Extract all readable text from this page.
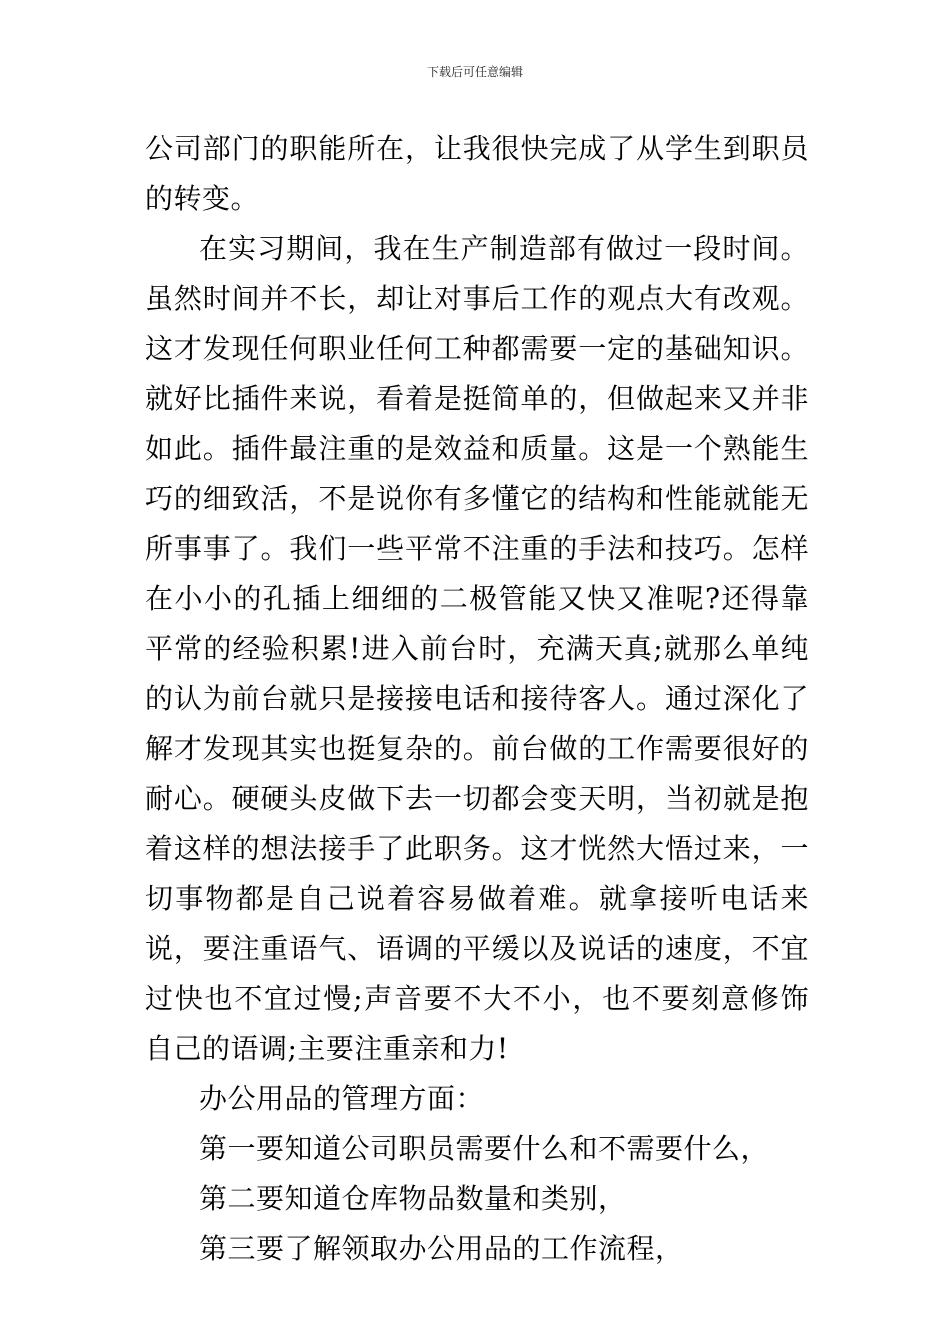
下载后可任意编辑

公司部门的职能所在，让我很快完成了从学生到职员的转变。

在实习期间，我在生产制造部有做过一段时间。虽然时间并不长，却让对事后工作的观点大有改观。这才发现任何职业任何工种都需要一定的基础知识。就好比插件来说，看着是挺简单的，但做起来又并非如此。插件最注重的是效益和质量。这是一个熟能生巧的细致活，不是说你有多懂它的结构和性能就能无所事事了。我们一些平常不注重的手法和技巧。怎样在小小的孔插上细细的二极管能又快又准呢?还得靠平常的经验积累!进入前台时，充满天真;就那么单纯的认为前台就只是接接电话和接待客人。通过深化了解才发现其实也挺复杂的。前台做的工作需要很好的耐心。硬硬头皮做下去一切都会变天明，当初就是抱着这样的想法接手了此职务。这才恍然大悟过来，一切事物都是自己说着容易做着难。就拿接听电话来说，要注重语气、语调的平缓以及说话的速度，不宜过快也不宜过慢;声音要不大不小，也不要刻意修饰自己的语调;主要注重亲和力!

办公用品的管理方面：

第一要知道公司职员需要什么和不需要什么，

第二要知道仓库物品数量和类别，

第三要了解领取办公用品的工作流程，
